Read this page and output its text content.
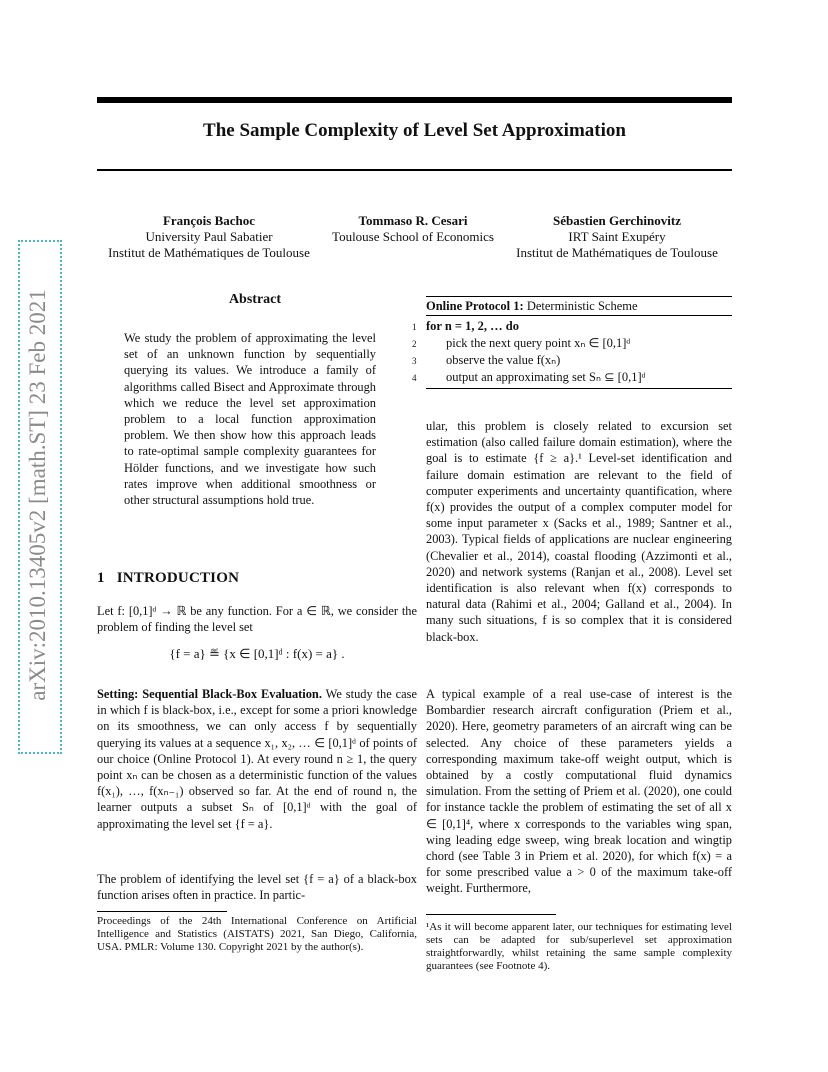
The Sample Complexity of Level Set Approximation
arXiv:2010.13405v2 [math.ST] 23 Feb 2021
François Bachoc
University Paul Sabatier
Institut de Mathématiques de Toulouse
Tommaso R. Cesari
Toulouse School of Economics
Sébastien Gerchinovitz
IRT Saint Exupéry
Institut de Mathématiques de Toulouse
Abstract
We study the problem of approximating the level set of an unknown function by sequentially querying its values. We introduce a family of algorithms called Bisect and Approximate through which we reduce the level set approximation problem to a local function approximation problem. We then show how this approach leads to rate-optimal sample complexity guarantees for Hölder functions, and we investigate how such rates improve when additional smoothness or other structural assumptions hold true.
1 INTRODUCTION
Let f: [0,1]ᵈ → ℝ be any function. For a ∈ ℝ, we consider the problem of finding the level set
{f = a} ≝ {x ∈ [0,1]ᵈ : f(x) = a} .
Setting: Sequential Black-Box Evaluation. We study the case in which f is black-box, i.e., except for some a priori knowledge on its smoothness, we can only access f by sequentially querying its values at a sequence x₁, x₂, … ∈ [0,1]ᵈ of points of our choice (Online Protocol 1). At every round n ≥ 1, the query point xₙ can be chosen as a deterministic function of the values f(x₁), …, f(xₙ₋₁) observed so far. At the end of round n, the learner outputs a subset Sₙ of [0,1]ᵈ with the goal of approximating the level set {f = a}.
The problem of identifying the level set {f = a} of a black-box function arises often in practice. In partic-
Proceedings of the 24th International Conference on Artificial Intelligence and Statistics (AISTATS) 2021, San Diego, California, USA. PMLR: Volume 130. Copyright 2021 by the author(s).
Online Protocol 1: Deterministic Scheme
1 for n = 1, 2, … do
2 pick the next query point xₙ ∈ [0,1]ᵈ
3 observe the value f(xₙ)
4 output an approximating set Sₙ ⊆ [0,1]ᵈ
ular, this problem is closely related to excursion set estimation (also called failure domain estimation), where the goal is to estimate {f ≥ a}.¹ Level-set identification and failure domain estimation are relevant to the field of computer experiments and uncertainty quantification, where f(x) provides the output of a complex computer model for some input parameter x (Sacks et al., 1989; Santner et al., 2003). Typical fields of applications are nuclear engineering (Chevalier et al., 2014), coastal flooding (Azzimonti et al., 2020) and network systems (Ranjan et al., 2008). Level set identification is also relevant when f(x) corresponds to natural data (Rahimi et al., 2004; Galland et al., 2004). In many such situations, f is so complex that it is considered black-box.
A typical example of a real use-case of interest is the Bombardier research aircraft configuration (Priem et al., 2020). Here, geometry parameters of an aircraft wing can be selected. Any choice of these parameters yields a corresponding maximum take-off weight output, which is obtained by a costly computational fluid dynamics simulation. From the setting of Priem et al. (2020), one could for instance tackle the problem of estimating the set of all x ∈ [0,1]⁴, where x corresponds to the variables wing span, wing leading edge sweep, wing break location and wingtip chord (see Table 3 in Priem et al. 2020), for which f(x) = a for some prescribed value a > 0 of the maximum take-off weight. Furthermore,
¹As it will become apparent later, our techniques for estimating level sets can be adapted for sub/superlevel set approximation straightforwardly, whilst retaining the same sample complexity guarantees (see Footnote 4).
